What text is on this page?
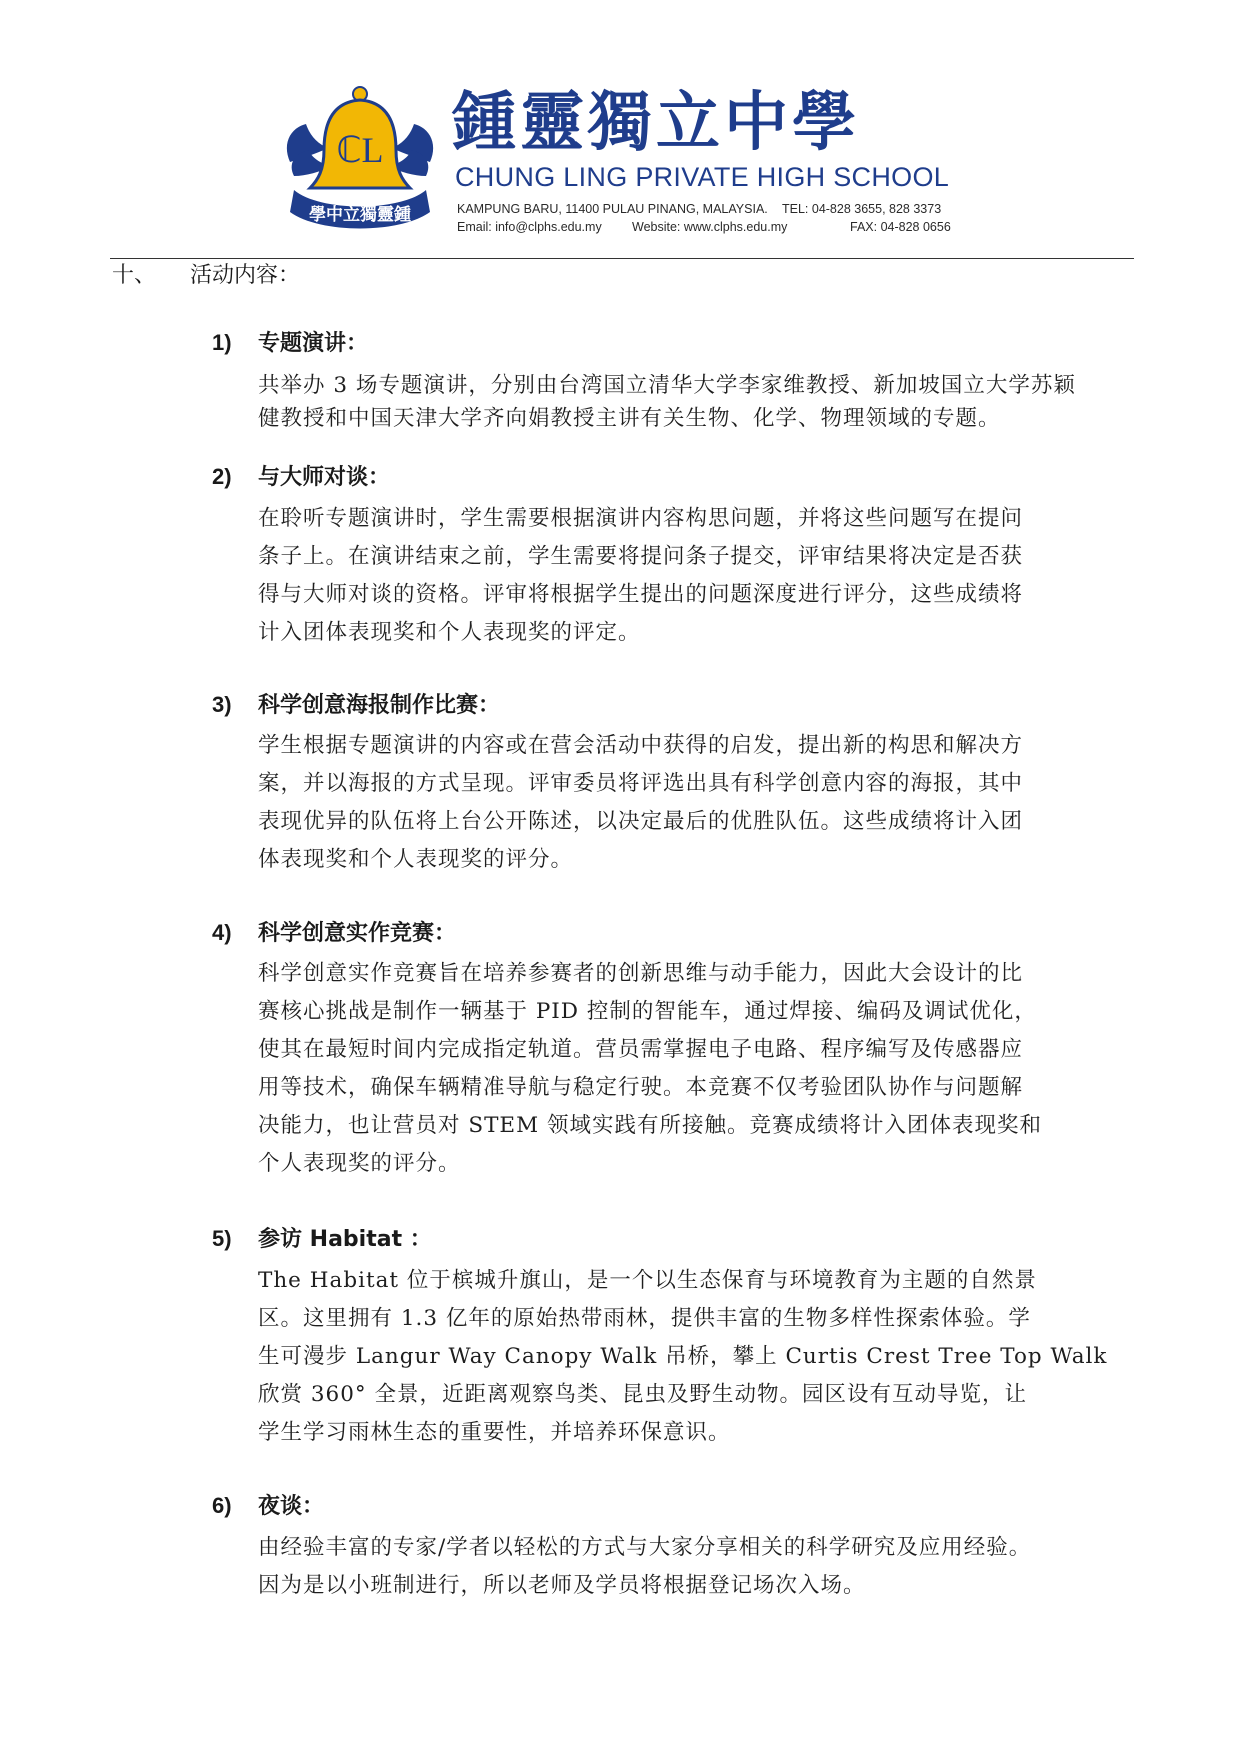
ℂL
學中立獨靈鍾
鍾靈獨立中學
CHUNG LING PRIVATE HIGH SCHOOL
KAMPUNG BARU, 11400 PULAU PINANG, MALAYSIA. TEL: 04-828 3655, 828 3373
Email: info@clphs.edu.my Website: www.clphs.edu.my	FAX: 04-828 0656
十、 活动内容：
1) 专题演讲：

共举办 3 场专题演讲，分别由台湾国立清华大学李家维教授、新加坡国立大学苏颖

健教授和中国天津大学齐向娟教授主讲有关生物、化学、物理领域的专题。

2) 与大师对谈：

在聆听专题演讲时，学生需要根据演讲内容构思问题，并将这些问题写在提问

条子上。在演讲结束之前，学生需要将提问条子提交，评审结果将决定是否获

得与大师对谈的资格。评审将根据学生提出的问题深度进行评分，这些成绩将

计入团体表现奖和个人表现奖的评定。

3) 科学创意海报制作比赛：

学生根据专题演讲的内容或在营会活动中获得的启发，提出新的构思和解决方

案，并以海报的方式呈现。评审委员将评选出具有科学创意内容的海报，其中

表现优异的队伍将上台公开陈述，以决定最后的优胜队伍。这些成绩将计入团

体表现奖和个人表现奖的评分。

4) 科学创意实作竞赛：

科学创意实作竞赛旨在培养参赛者的创新思维与动手能力，因此大会设计的比

赛核心挑战是制作一辆基于 PID 控制的智能车，通过焊接、编码及调试优化，

使其在最短时间内完成指定轨道。营员需掌握电子电路、程序编写及传感器应

用等技术，确保车辆精准导航与稳定行驶。本竞赛不仅考验团队协作与问题解

决能力，也让营员对 STEM 领域实践有所接触。竞赛成绩将计入团体表现奖和

个人表现奖的评分。

5) 参访 Habitat ：

The Habitat 位于槟城升旗山，是一个以生态保育与环境教育为主题的自然景

区。这里拥有 1.3 亿年的原始热带雨林，提供丰富的生物多样性探索体验。学

生可漫步 Langur Way Canopy Walk 吊桥，攀上 Curtis Crest Tree Top Walk

欣赏 360° 全景，近距离观察鸟类、昆虫及野生动物。园区设有互动导览，让

学生学习雨林生态的重要性，并培养环保意识。

6) 夜谈：

由经验丰富的专家/学者以轻松的方式与大家分享相关的科学研究及应用经验。

因为是以小班制进行，所以老师及学员将根据登记场次入场。
